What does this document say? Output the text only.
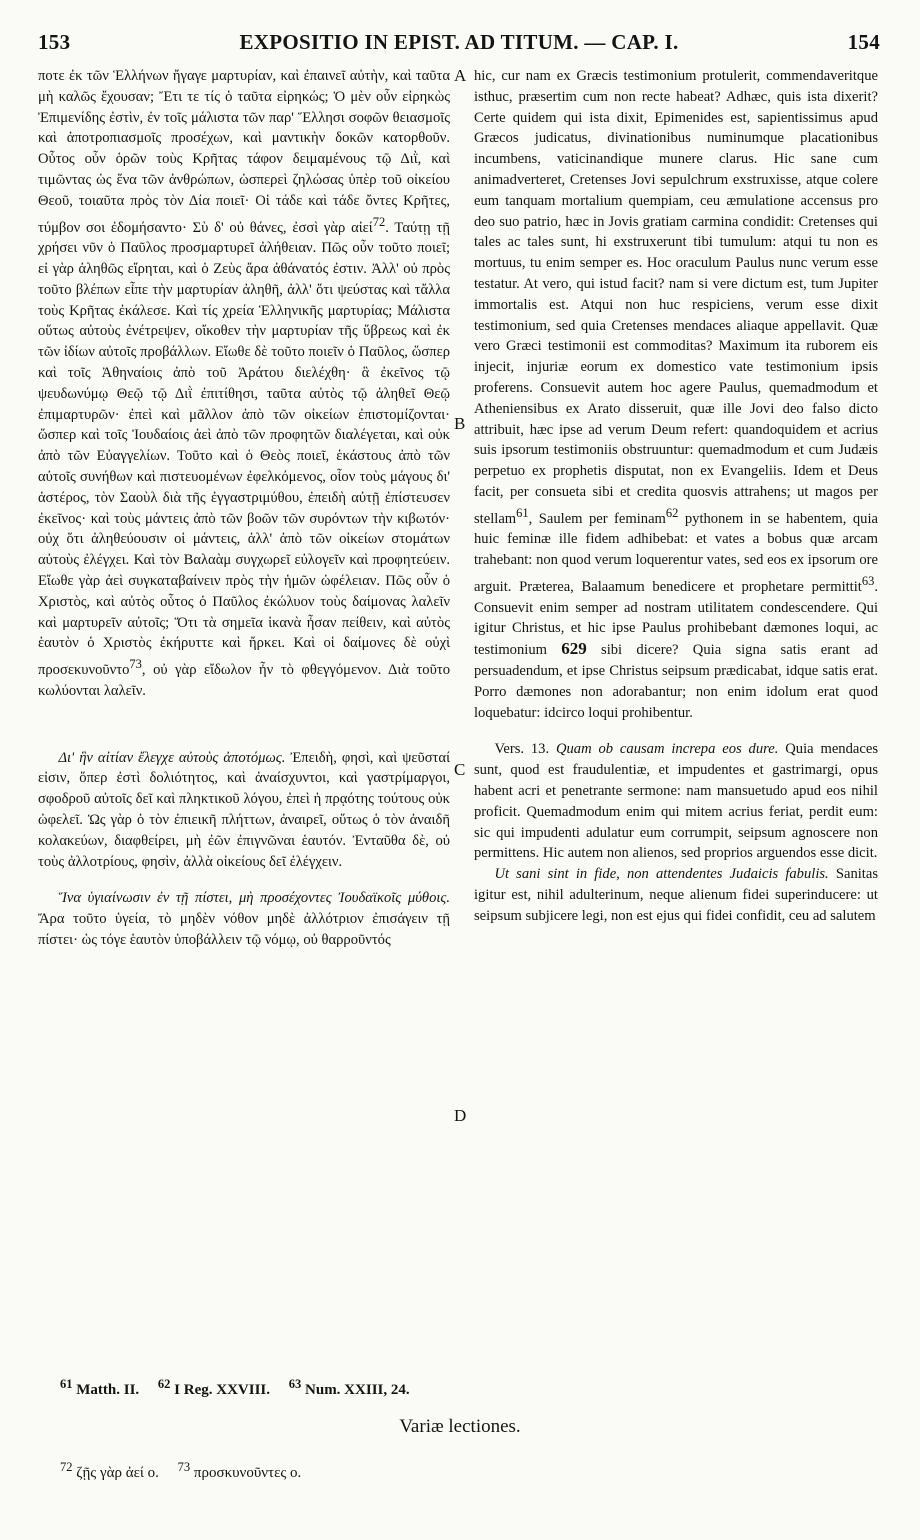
153	EXPOSITIO IN EPIST. AD TITUM. — CAP. I.	154
A
B
C
D

ποτε ἐκ τῶν Ἑλλήνων ἤγαγε μαρτυρίαν, καὶ ἐπαινεῖ αὐτὴν, καὶ ταῦτα μὴ καλῶς ἔχουσαν; Ἔτι τε τίς ὁ ταῦτα εἰρηκώς; Ὁ μὲν οὖν εἰρηκὼς Ἐπιμενίδης ἐστὶν, ἐν τοῖς μάλιστα τῶν παρ' Ἕλλησι σοφῶν θειασμοῖς καὶ ἀποτροπιασμοῖς προσέχων, καὶ μαντικὴν δοκῶν κατορθοῦν. Οὗτος οὖν ὁρῶν τοὺς Κρῆτας τάφον δειμαμένους τῷ Διῒ, καὶ τιμῶντας ὡς ἕνα τῶν ἀνθρώπων, ὡσπερεὶ ζηλώσας ὑπὲρ τοῦ οἰκείου Θεοῦ, τοιαῦτα πρὸς τὸν Δία ποιεῖ· Οἱ τάδε καὶ τάδε ὄντες Κρῆτες, τύμβον σοι ἐδομήσαντο· Σὺ δ' οὐ θάνες, ἐσσὶ γὰρ αἰεί$^{72}$. Ταύτῃ τῇ χρήσει νῦν ὁ Παῦλος προσμαρτυρεῖ ἀλήθειαν. Πῶς οὖν τοῦτο ποιεῖ; εἰ γὰρ ἀληθῶς εἴρηται, καὶ ὁ Ζεὺς ἄρα ἀθάνατός ἐστιν. Ἀλλ' οὐ πρὸς τοῦτο βλέπων εἶπε τὴν μαρτυρίαν ἀληθῆ, ἀλλ' ὅτι ψεύστας καὶ τἄλλα τοὺς Κρῆτας ἐκάλεσε. Καὶ τίς χρεία Ἑλληνικῆς μαρτυρίας; Μάλιστα οὕτως αὐτοὺς ἐνέτρεψεν, οἴκοθεν τὴν μαρτυρίαν τῆς ὕβρεως καὶ ἐκ τῶν ἰδίων αὐτοῖς προβάλλων. Εἴωθε δὲ τοῦτο ποιεῖν ὁ Παῦλος, ὥσπερ καὶ τοῖς Ἀθηναίοις ἀπὸ τοῦ Ἀράτου διελέχθη· ἃ ἐκεῖνος τῷ ψευδωνύμῳ Θεῷ τῷ Διῒ ἐπιτίθησι, ταῦτα αὐτὸς τῷ ἀληθεῖ Θεῷ ἐπιμαρτυρῶν· ἐπεὶ καὶ μᾶλλον ἀπὸ τῶν οἰκείων ἐπιστομίζονται· ὥσπερ καὶ τοῖς Ἰουδαίοις ἀεὶ ἀπὸ τῶν προφητῶν διαλέγεται, καὶ οὐκ ἀπὸ τῶν Εὐαγγελίων. Τοῦτο καὶ ὁ Θεὸς ποιεῖ, ἑκάστους ἀπὸ τῶν αὐτοῖς συνήθων καὶ πιστευομένων ἐφελκόμενος, οἷον τοὺς μάγους δι' ἀστέρος, τὸν Σαοὺλ διὰ τῆς ἐγγαστριμύθου, ἐπειδὴ αὐτῇ ἐπίστευσεν ἐκεῖνος· καὶ τοὺς μάντεις ἀπὸ τῶν βοῶν τῶν συρόντων τὴν κιβωτόν· οὐχ ὅτι ἀληθεύουσιν οἱ μάντεις, ἀλλ' ἀπὸ τῶν οἰκείων στομάτων αὐτοὺς ἐλέγχει. Καὶ τὸν Βαλαὰμ συγχωρεῖ εὐλογεῖν καὶ προφητεύειν. Εἴωθε γὰρ ἀεὶ συγκαταβαίνειν πρὸς τὴν ἡμῶν ὠφέλειαν. Πῶς οὖν ὁ Χριστὸς, καὶ αὐτὸς οὗτος ὁ Παῦλος ἐκώλυον τοὺς δαίμονας λαλεῖν καὶ μαρτυρεῖν αὐτοῖς; Ὅτι τὰ σημεῖα ἱκανὰ ἦσαν πείθειν, καὶ αὐτὸς ἑαυτὸν ὁ Χριστὸς ἐκήρυττε καὶ ἤρκει. Καὶ οἱ δαίμονες δὲ οὐχὶ προσεκυνοῦντο$^{73}$, οὐ γὰρ εἴδωλον ἦν τὸ φθεγγόμενον. Διὰ τοῦτο κωλύονται λαλεῖν.

Δι' ἣν αἰτίαν ἔλεγχε αὐτοὺς ἀποτόμως. Ἐπειδὴ, φησὶ, καὶ ψεῦσταί εἰσιν, ὅπερ ἐστὶ δολιότητος, καὶ ἀναίσχυντοι, καὶ γαστρίμαργοι, σφοδροῦ αὐτοῖς δεῖ καὶ πληκτικοῦ λόγου, ἐπεὶ ἡ πρᾳότης τούτους οὐκ ὠφελεῖ. Ὡς γὰρ ὁ τὸν ἐπιεικῆ πλήττων, ἀναιρεῖ, οὕτως ὁ τὸν ἀναιδῆ κολακεύων, διαφθείρει, μὴ ἐῶν ἐπιγνῶναι ἑαυτόν. Ἐνταῦθα δὲ, οὐ τοὺς ἀλλοτρίους, φησὶν, ἀλλὰ οἰκείους δεῖ ἐλέγχειν.

Ἵνα ὑγιαίνωσιν ἐν τῇ πίστει, μὴ προσέχοντες Ἰουδαϊκοῖς μύθοις. Ἄρα τοῦτο ὑγεία, τὸ μηδὲν νόθον μηδὲ ἀλλότριον ἐπισάγειν τῇ πίστει· ὡς τόγε ἑαυτὸν ὑποβάλλειν τῷ νόμῳ, οὐ θαρροῦντός

hic, cur nam ex Græcis testimonium protulerit, commendaveritque isthuc, præsertim cum non recte habeat? Adhæc, quis ista dixerit? Certe quidem qui ista dixit, Epimenides est, sapientissimus apud Græcos judicatus, divinationibus numinumque placationibus incumbens, vaticinandique munere clarus. Hic sane cum animadverteret, Cretenses Jovi sepulchrum exstruxisse, atque colere eum tanquam mortalium quempiam, ceu æmulatione accensus pro deo suo patrio, hæc in Jovis gratiam carmina condidit: Cretenses qui tales ac tales sunt, hi exstruxerunt tibi tumulum: atqui tu non es mortuus, tu enim semper es. Hoc oraculum Paulus nunc verum esse testatur. At vero, qui istud facit? nam si vere dictum est, tum Jupiter immortalis est. Atqui non huc respiciens, verum esse dixit testimonium, sed quia Cretenses mendaces aliaque appellavit. Quæ vero Græci testimonii est commoditas? Maximum ita ruborem eis injecit, injuriæ eorum ex domestico vate testimonium ipsis proferens. Consuevit autem hoc agere Paulus, quemadmodum et Atheniensibus ex Arato disseruit, quæ ille Jovi deo falso dicto attribuit, hæc ipse ad verum Deum refert: quandoquidem et acrius suis ipsorum testimoniis obstruuntur: quemadmodum et cum Judæis perpetuo ex prophetis disputat, non ex Evangeliis. Idem et Deus facit, per consueta sibi et credita quosvis attrahens; ut magos per stellam$^{61}$, Saulem per feminam$^{62}$ pythonem in se habentem, quia huic feminæ ille fidem adhibebat: et vates a bobus quæ arcam trahebant: non quod verum loquerentur vates, sed eos ex ipsorum ore arguit. Præterea, Balaamum benedicere et prophetare permittit$^{63}$. Consuevit enim semper ad nostram utilitatem condescendere. Qui igitur Christus, et hic ipse Paulus prohibebant dæmones loqui, ac testimonium 629 sibi dicere? Quia signa satis erant ad persuadendum, et ipse Christus seipsum prædicabat, idque satis erat. Porro dæmones non adorabantur; non enim idolum erat quod loquebatur: idcirco loqui prohibentur.

Vers. 13. Quam ob causam increpa eos dure. Quia mendaces sunt, quod est fraudulentiæ, et impudentes et gastrimargi, opus habent acri et penetrante sermone: nam mansuetudo apud eos nihil proficit. Quemadmodum enim qui mitem acrius feriat, perdit eum: sic qui impudenti adulatur eum corrumpit, seipsum agnoscere non permittens. Hic autem non alienos, sed proprios arguendos esse dicit.

Ut sani sint in fide, non attendentes Judaicis fabulis. Sanitas igitur est, nihil adulterinum, neque alienum fidei superinducere: ut seipsum subjicere legi, non est ejus qui fidei confidit, ceu ad salutem

$^{61}$ Matth. II. $^{62}$ I Reg. XXVIII. $^{63}$ Num. XXIII, 24.
Variæ lectiones.
$^{72}$ ζῇς γὰρ ἀεί ο. $^{73}$ προσκυνοῦντες ο.
